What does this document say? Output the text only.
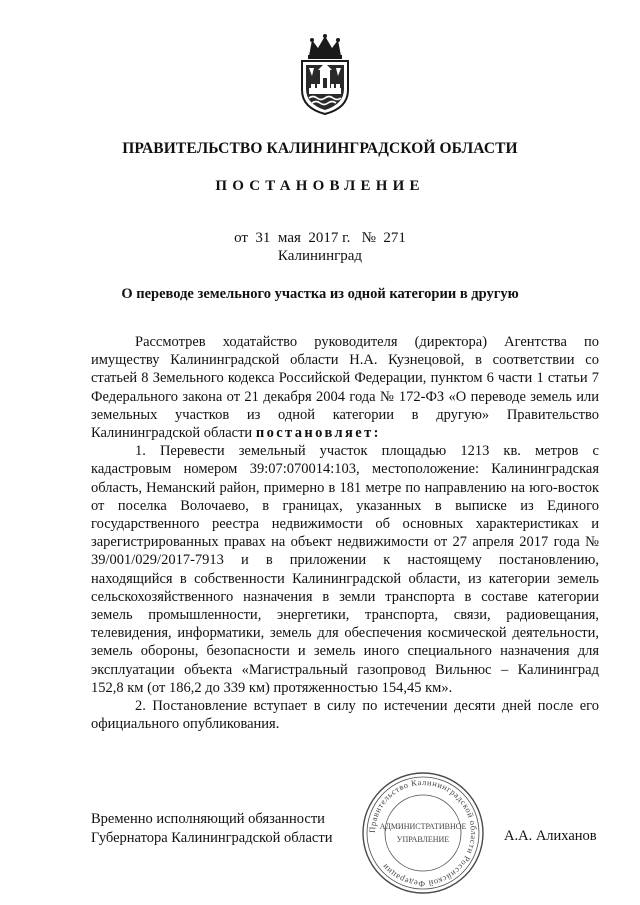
ПРАВИТЕЛЬСТВО КАЛИНИНГРАДСКОЙ ОБЛАСТИ
ПОСТАНОВЛЕНИЕ
от  31  мая  2017 г.   №  271
Калининград
О переводе земельного участка из одной категории в другую

Рассмотрев ходатайство руководителя (директора) Агентства по имуществу Калининградской области Н.А. Кузнецовой, в соответствии со статьей 8 Земельного кодекса Российской Федерации, пунктом 6 части 1 статьи 7 Федерального закона от 21 декабря 2004 года № 172-ФЗ «О переводе земель или земельных участков из одной категории в другую» Правительство Калининградской области постановляет:

1. Перевести земельный участок площадью 1213 кв. метров с кадастровым номером 39:07:070014:103, местоположение: Калининградская область, Неманский район, примерно в 181 метре по направлению на юго-восток от поселка Волочаево, в границах, указанных в выписке из Единого государственного реестра недвижимости об основных характеристиках и зарегистрированных правах на объект недвижимости от 27 апреля 2017 года № 39/001/029/2017-7913 и в приложении к настоящему постановлению, находящийся в собственности Калининградской области, из категории земель сельскохозяйственного назначения в земли транспорта в составе категории земель промышленности, энергетики, транспорта, связи, радиовещания, телевидения, информатики, земель для обеспечения космической деятельности, земель обороны, безопасности и земель иного специального назначения для эксплуатации объекта «Магистральный газопровод Вильнюс – Калининград 152,8 км (от 186,2 до 339 км) протяженностью 154,45 км».

2. Постановление вступает в силу по истечении десяти дней после его официального опубликования.

Временно исполняющий обязанности
Губернатора Калининградской области
Правительство Калининградской области Российской Федерации
АДМИНИСТРАТИВНОЕ
УПРАВЛЕНИЕ	А.А. Алиханов
